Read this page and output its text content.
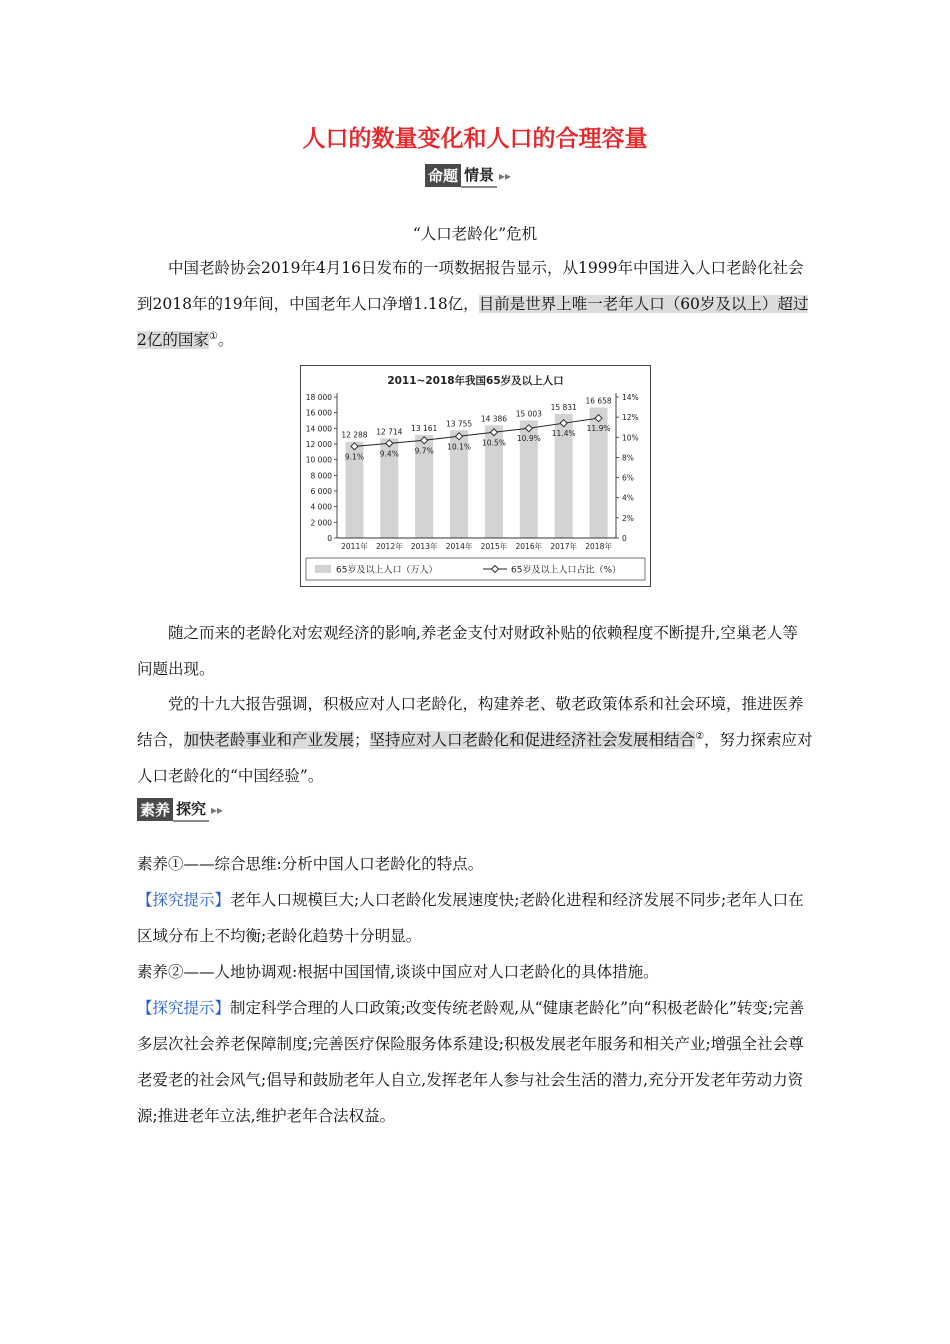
人口的数量变化和人口的合理容量
命题 情景 ▸▸
“人口老龄化”危机
中国老龄协会2019年4月16日发布的一项数据报告显示，从1999年中国进入人口老龄化社会到2018年的19年间，中国老年人口净增1.18亿，目前是世界上唯一老年人口（60岁及以上）超过2亿的国家①。
2011~2018年我国65岁及以上人口
0
2 000
4 000
6 000
8 000
10 000
12 000
14 000
16 000
18 000
0
2%
4%
6%
8%
10%
12%
14%
9.1%
12 288
2011年
9.4%
12 714
2012年
9.7%
13 161
2013年
10.1%
13 755
2014年
10.5%
14 386
2015年
10.9%
15 003
2016年
11.4%
15 831
2017年
11.9%
16 658
2018年
65岁及以上人口（万人）	65岁及以上人口占比（%）
随之而来的老龄化对宏观经济的影响,养老金支付对财政补贴的依赖程度不断提升,空巢老人等问题出现。
党的十九大报告强调，积极应对人口老龄化，构建养老、敬老政策体系和社会环境，推进医养结合，加快老龄事业和产业发展；坚持应对人口老龄化和促进经济社会发展相结合②，努力探索应对人口老龄化的“中国经验”。
素养 探究 ▸▸
素养①——综合思维:分析中国人口老龄化的特点。
【探究提示】老年人口规模巨大;人口老龄化发展速度快;老龄化进程和经济发展不同步;老年人口在区域分布上不均衡;老龄化趋势十分明显。
素养②——人地协调观:根据中国国情,谈谈中国应对人口老龄化的具体措施。
【探究提示】制定科学合理的人口政策;改变传统老龄观,从“健康老龄化”向“积极老龄化”转变;完善多层次社会养老保障制度;完善医疗保险服务体系建设;积极发展老年服务和相关产业;增强全社会尊老爱老的社会风气;倡导和鼓励老年人自立,发挥老年人参与社会生活的潜力,充分开发老年劳动力资源;推进老年立法,维护老年合法权益。
